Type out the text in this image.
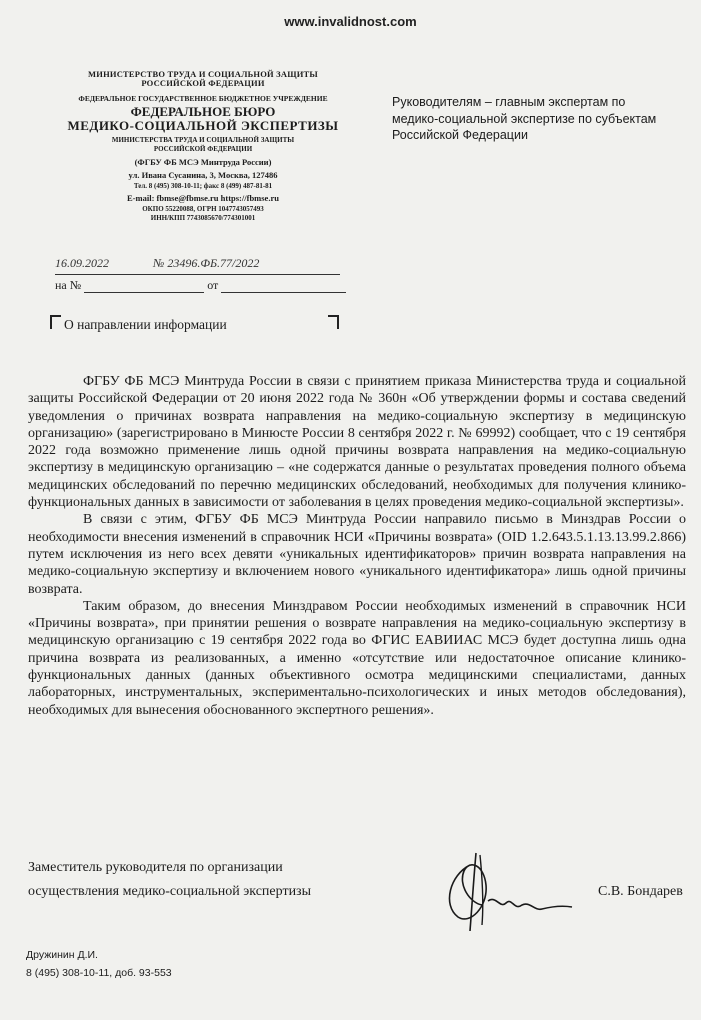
www.invalidnost.com
МИНИСТЕРСТВО ТРУДА И СОЦИАЛЬНОЙ ЗАЩИТЫ РОССИЙСКОЙ ФЕДЕРАЦИИ
ФЕДЕРАЛЬНОЕ ГОСУДАРСТВЕННОЕ БЮДЖЕТНОЕ УЧРЕЖДЕНИЕ
ФЕДЕРАЛЬНОЕ БЮРО
МЕДИКО-СОЦИАЛЬНОЙ ЭКСПЕРТИЗЫ
МИНИСТЕРСТВА ТРУДА И СОЦИАЛЬНОЙ ЗАЩИТЫ
РОССИЙСКОЙ ФЕДЕРАЦИИ
(ФГБУ ФБ МСЭ Минтруда России)
ул. Ивана Сусанина, 3, Москва, 127486
Тел. 8 (495) 308-10-11; факс 8 (499) 487-81-81
E-mail: fbmse@fbmse.ru https://fbmse.ru
ОКПО 55220088, ОГРН 1047743057493
ИНН/КПП 7743085670/774301001
Руководителям – главным экспертам по медико-социальной экспертизе по субъектам Российской Федерации
16.09.2022	№ 23496.ФБ.77/2022
на №	от
О направлении информации

ФГБУ ФБ МСЭ Минтруда России в связи с принятием приказа Министерства труда и социальной защиты Российской Федерации от 20 июня 2022 года № 360н «Об утверждении формы и состава сведений уведомления о причинах возврата направления на медико-социальную экспертизу в медицинскую организацию» (зарегистрировано в Минюсте России 8 сентября 2022 г. № 69992) сообщает, что с 19 сентября 2022 года возможно применение лишь одной причины возврата направления на медико-социальную экспертизу в медицинскую организацию – «не содержатся данные о результатах проведения полного объема медицинских обследований по перечню медицинских обследований, необходимых для получения клинико-функциональных данных в зависимости от заболевания в целях проведения медико-социальной экспертизы».

В связи с этим, ФГБУ ФБ МСЭ Минтруда России направило письмо в Минздрав России о необходимости внесения изменений в справочник НСИ «Причины возврата» (OID 1.2.643.5.1.13.13.99.2.866) путем исключения из него всех девяти «уникальных идентификаторов» причин возврата направления на медико-социальную экспертизу и включением нового «уникального идентификатора» лишь одной причины возврата.

Таким образом, до внесения Минздравом России необходимых изменений в справочник НСИ «Причины возврата», при принятии решения о возврате направления на медико-социальную экспертизу в медицинскую организацию с 19 сентября 2022 года во ФГИС ЕАВИИАС МСЭ будет доступна лишь одна причина возврата из реализованных, а именно «отсутствие или недостаточное описание клинико-функциональных данных (данных объективного осмотра медицинскими специалистами, данных лабораторных, инструментальных, экспериментально-психологических и иных методов обследования), необходимых для вынесения обоснованного экспертного решения».

Заместитель руководителя по организации
осуществления медико-социальной экспертизы	С.В. Бондарев
Дружинин Д.И.
8 (495) 308-10-11, доб. 93-553
